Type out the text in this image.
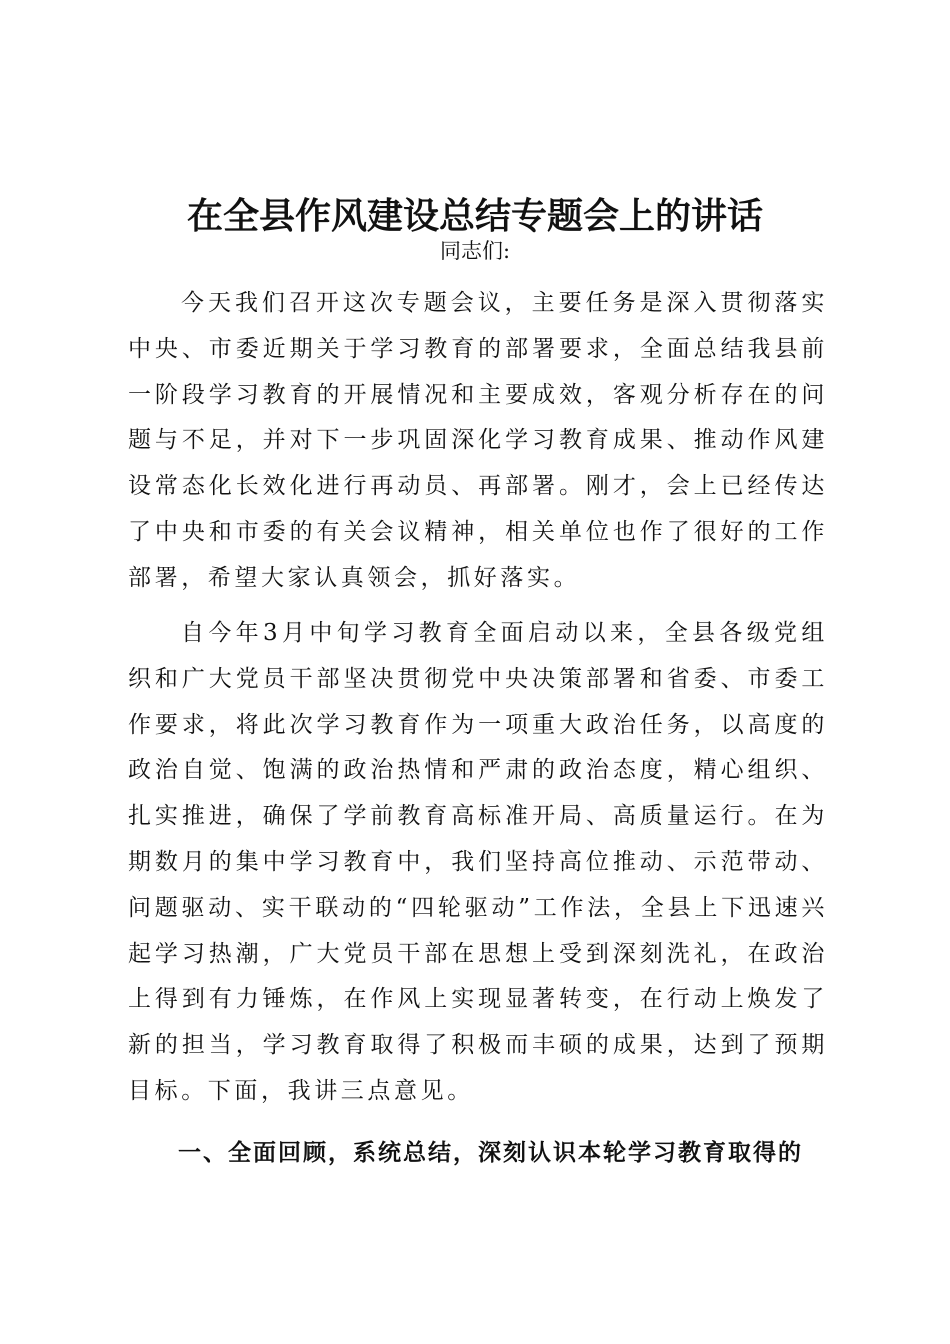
在全县作风建设总结专题会上的讲话
同志们:

今天我们召开这次专题会议，主要任务是深入贯彻落实中央、市委近期关于学习教育的部署要求，全面总结我县前一阶段学习教育的开展情况和主要成效，客观分析存在的问题与不足，并对下一步巩固深化学习教育成果、推动作风建设常态化长效化进行再动员、再部署。刚才，会上已经传达了中央和市委的有关会议精神，相关单位也作了很好的工作部署，希望大家认真领会，抓好落实。

自今年3月中旬学习教育全面启动以来，全县各级党组织和广大党员干部坚决贯彻党中央决策部署和省委、市委工作要求，将此次学习教育作为一项重大政治任务，以高度的政治自觉、饱满的政治热情和严肃的政治态度，精心组织、扎实推进，确保了学前教育高标准开局、高质量运行。在为期数月的集中学习教育中，我们坚持高位推动、示范带动、问题驱动、实干联动的“四轮驱动”工作法，全县上下迅速兴起学习热潮，广大党员干部在思想上受到深刻洗礼，在政治上得到有力锤炼，在作风上实现显著转变，在行动上焕发了新的担当，学习教育取得了积极而丰硕的成果，达到了预期目标。下面，我讲三点意见。

一、全面回顾，系统总结，深刻认识本轮学习教育取得的
